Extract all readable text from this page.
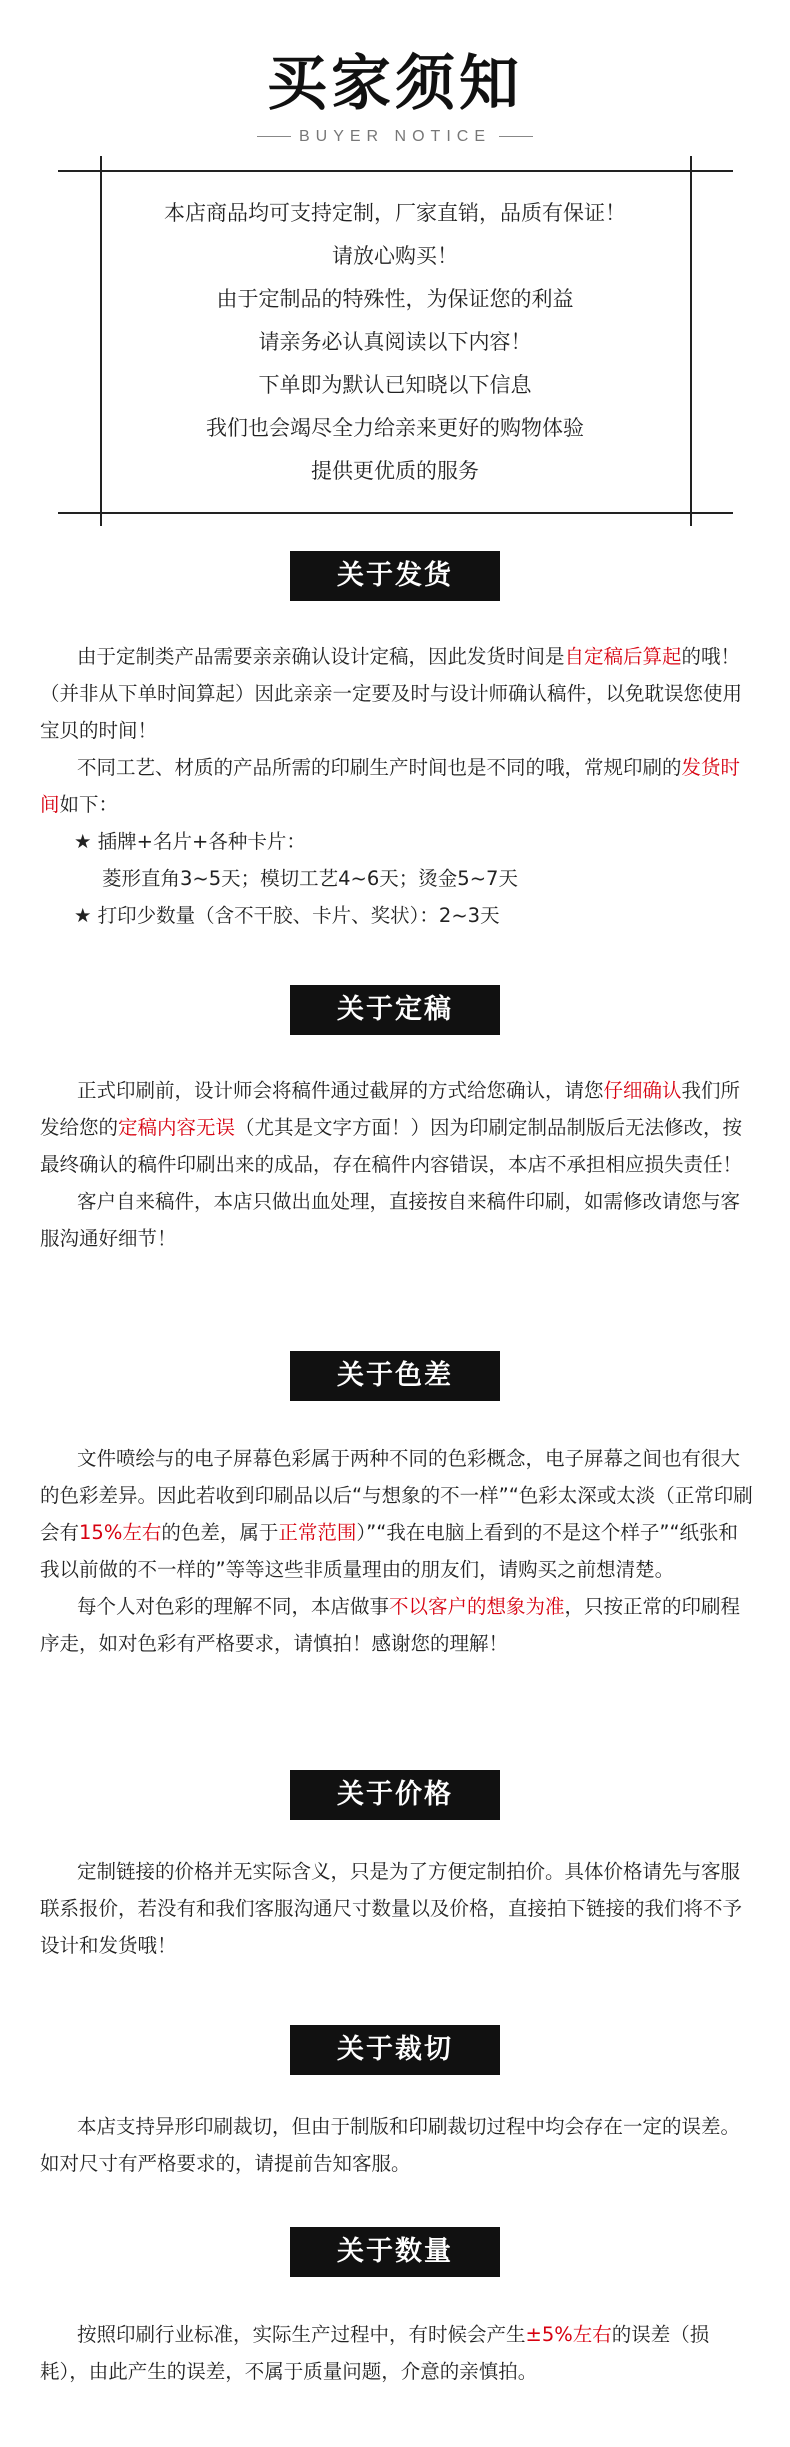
买家须知
BUYER NOTICE
本店商品均可支持定制，厂家直销，品质有保证！
请放心购买！
由于定制品的特殊性，为保证您的利益
请亲务必认真阅读以下内容！
下单即为默认已知晓以下信息
我们也会竭尽全力给亲来更好的购物体验
提供更优质的服务
关于发货

由于定制类产品需要亲亲确认设计定稿，因此发货时间是自定稿后算起的哦！（并非从下单时间算起）因此亲亲一定要及时与设计师确认稿件，以免耽误您使用宝贝的时间！

不同工艺、材质的产品所需的印刷生产时间也是不同的哦，常规印刷的发货时间如下：

★ 插牌+名片+各种卡片：

菱形直角3~5天；模切工艺4~6天；烫金5~7天

★ 打印少数量（含不干胶、卡片、奖状）：2~3天

关于定稿

正式印刷前，设计师会将稿件通过截屏的方式给您确认，请您仔细确认我们所发给您的定稿内容无误（尤其是文字方面！）因为印刷定制品制版后无法修改，按最终确认的稿件印刷出来的成品，存在稿件内容错误，本店不承担相应损失责任！

客户自来稿件，本店只做出血处理，直接按自来稿件印刷，如需修改请您与客服沟通好细节！

关于色差

文件喷绘与的电子屏幕色彩属于两种不同的色彩概念，电子屏幕之间也有很大的色彩差异。因此若收到印刷品以后“与想象的不一样”“色彩太深或太淡（正常印刷会有15%左右的色差，属于正常范围）”“我在电脑上看到的不是这个样子”“纸张和我以前做的不一样的”等等这些非质量理由的朋友们，请购买之前想清楚。

每个人对色彩的理解不同，本店做事不以客户的想象为准，只按正常的印刷程序走，如对色彩有严格要求，请慎拍！感谢您的理解！

关于价格

定制链接的价格并无实际含义，只是为了方便定制拍价。具体价格请先与客服联系报价，若没有和我们客服沟通尺寸数量以及价格，直接拍下链接的我们将不予设计和发货哦！

关于裁切

本店支持异形印刷裁切，但由于制版和印刷裁切过程中均会存在一定的误差。如对尺寸有严格要求的，请提前告知客服。

关于数量

按照印刷行业标准，实际生产过程中，有时候会产生±5%左右的误差（损耗），由此产生的误差，不属于质量问题，介意的亲慎拍。
